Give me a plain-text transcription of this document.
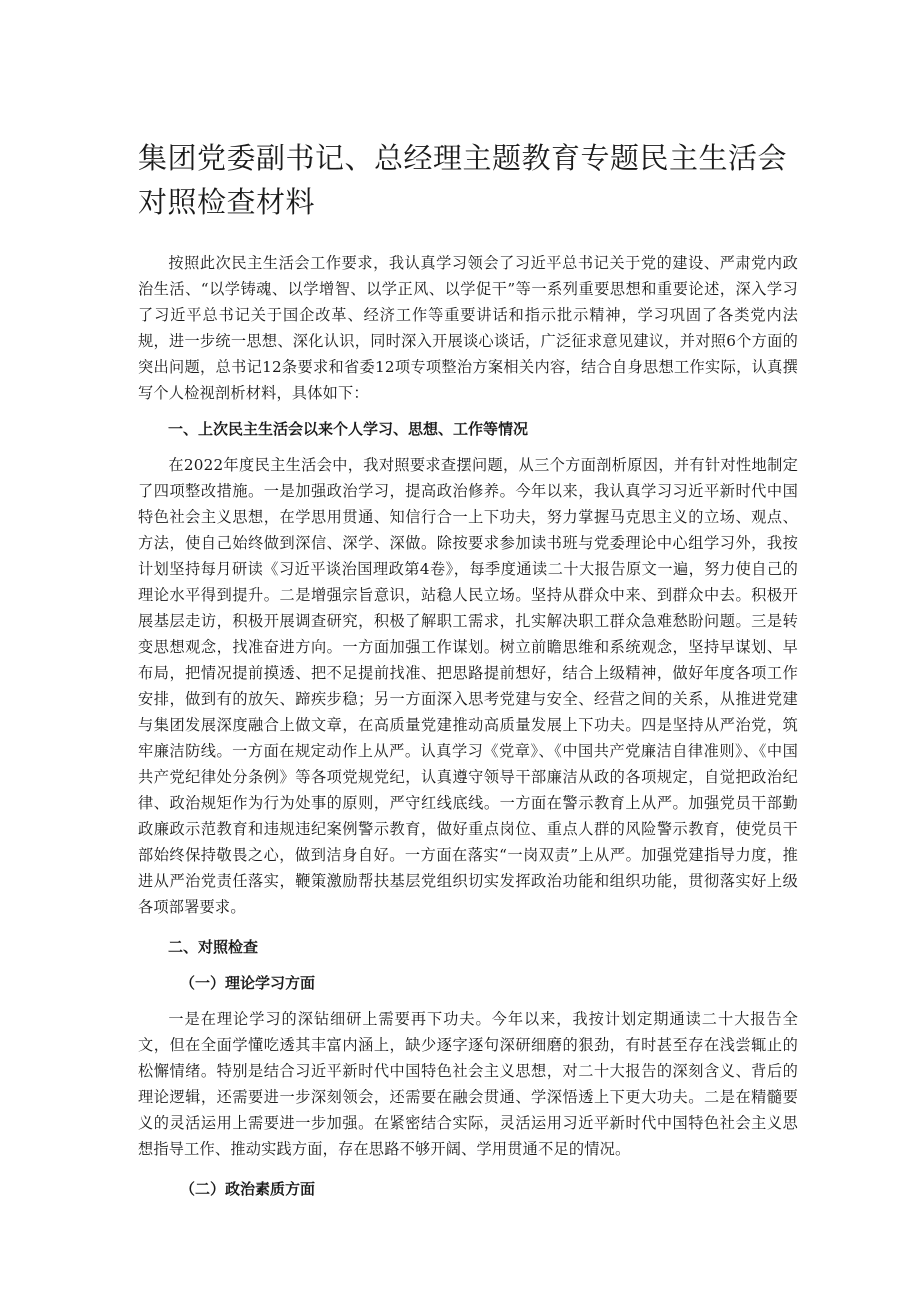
集团党委副书记、总经理主题教育专题民主生活会对照检查材料

按照此次民主生活会工作要求，我认真学习领会了习近平总书记关于党的建设、严肃党内政治生活、“以学铸魂、以学增智、以学正风、以学促干”等一系列重要思想和重要论述，深入学习了习近平总书记关于国企改革、经济工作等重要讲话和指示批示精神，学习巩固了各类党内法规，进一步统一思想、深化认识，同时深入开展谈心谈话，广泛征求意见建议，并对照6个方面的突出问题，总书记12条要求和省委12项专项整治方案相关内容，结合自身思想工作实际，认真撰写个人检视剖析材料，具体如下：

一、上次民主生活会以来个人学习、思想、工作等情况

在2022年度民主生活会中，我对照要求查摆问题，从三个方面剖析原因，并有针对性地制定了四项整改措施。一是加强政治学习，提高政治修养。今年以来，我认真学习习近平新时代中国特色社会主义思想，在学思用贯通、知信行合一上下功夫，努力掌握马克思主义的立场、观点、方法，使自己始终做到深信、深学、深做。除按要求参加读书班与党委理论中心组学习外，我按计划坚持每月研读《习近平谈治国理政第4卷》，每季度通读二十大报告原文一遍，努力使自己的理论水平得到提升。二是增强宗旨意识，站稳人民立场。坚持从群众中来、到群众中去。积极开展基层走访，积极开展调查研究，积极了解职工需求，扎实解决职工群众急难愁盼问题。三是转变思想观念，找准奋进方向。一方面加强工作谋划。树立前瞻思维和系统观念，坚持早谋划、早布局，把情况提前摸透、把不足提前找准、把思路提前想好，结合上级精神，做好年度各项工作安排，做到有的放矢、蹄疾步稳；另一方面深入思考党建与安全、经营之间的关系，从推进党建与集团发展深度融合上做文章，在高质量党建推动高质量发展上下功夫。四是坚持从严治党，筑牢廉洁防线。一方面在规定动作上从严。认真学习《党章》、《中国共产党廉洁自律准则》、《中国共产党纪律处分条例》等各项党规党纪，认真遵守领导干部廉洁从政的各项规定，自觉把政治纪律、政治规矩作为行为处事的原则，严守红线底线。一方面在警示教育上从严。加强党员干部勤政廉政示范教育和违规违纪案例警示教育，做好重点岗位、重点人群的风险警示教育，使党员干部始终保持敬畏之心，做到洁身自好。一方面在落实“一岗双责”上从严。加强党建指导力度，推进从严治党责任落实，鞭策激励帮扶基层党组织切实发挥政治功能和组织功能，贯彻落实好上级各项部署要求。

二、对照检查
（一）理论学习方面

一是在理论学习的深钻细研上需要再下功夫。今年以来，我按计划定期通读二十大报告全文，但在全面学懂吃透其丰富内涵上，缺少逐字逐句深研细磨的狠劲，有时甚至存在浅尝辄止的松懈情绪。特别是结合习近平新时代中国特色社会主义思想，对二十大报告的深刻含义、背后的理论逻辑，还需要进一步深刻领会，还需要在融会贯通、学深悟透上下更大功夫。二是在精髓要义的灵活运用上需要进一步加强。在紧密结合实际，灵活运用习近平新时代中国特色社会主义思想指导工作、推动实践方面，存在思路不够开阔、学用贯通不足的情况。

（二）政治素质方面
